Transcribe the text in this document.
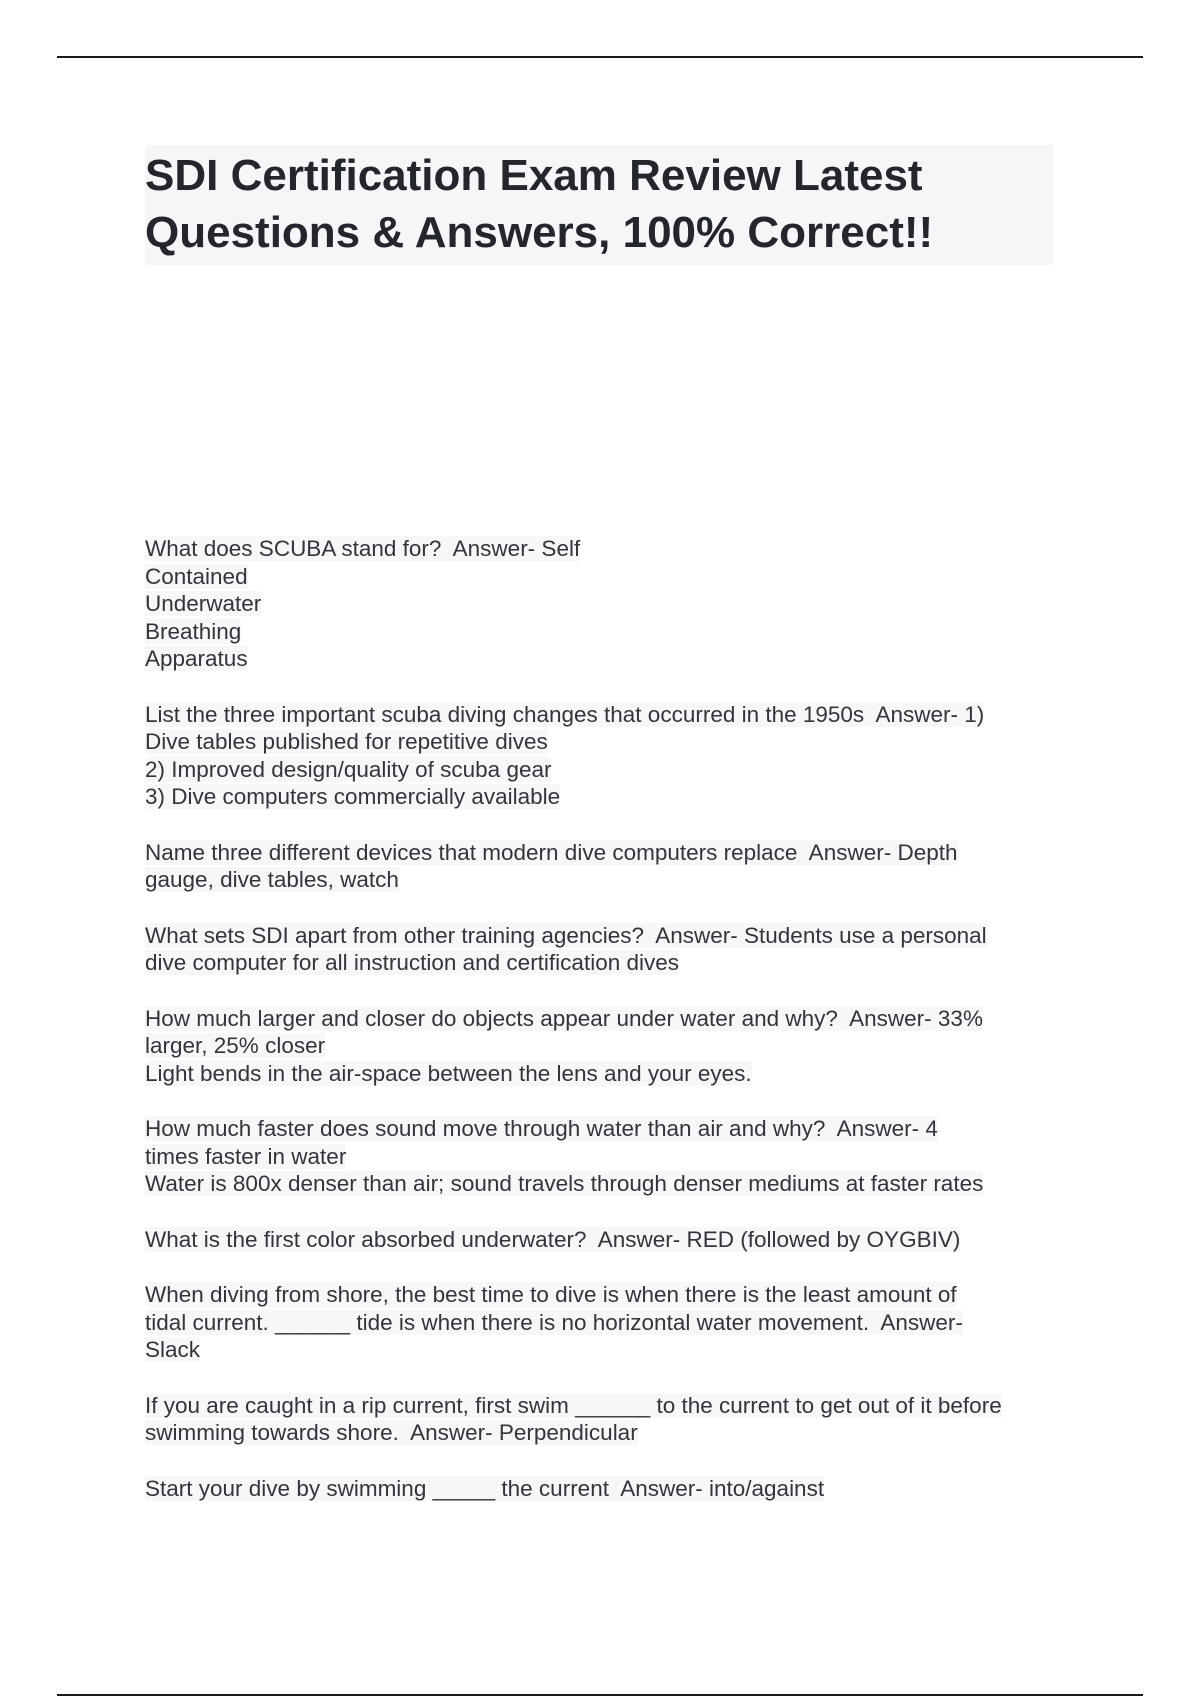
SDI Certification Exam Review Latest
Questions & Answers, 100% Correct!!
What does SCUBA stand for?  Answer- Self
Contained
Underwater
Breathing
Apparatus
List the three important scuba diving changes that occurred in the 1950s  Answer- 1)
Dive tables published for repetitive dives
2) Improved design/quality of scuba gear
3) Dive computers commercially available
Name three different devices that modern dive computers replace  Answer- Depth
gauge, dive tables, watch
What sets SDI apart from other training agencies?  Answer- Students use a personal
dive computer for all instruction and certification dives
How much larger and closer do objects appear under water and why?  Answer- 33%
larger, 25% closer
Light bends in the air-space between the lens and your eyes.
How much faster does sound move through water than air and why?  Answer- 4
times faster in water
Water is 800x denser than air; sound travels through denser mediums at faster rates
What is the first color absorbed underwater?  Answer- RED (followed by OYGBIV)
When diving from shore, the best time to dive is when there is the least amount of
tidal current. ______ tide is when there is no horizontal water movement.  Answer-
Slack
If you are caught in a rip current, first swim ______ to the current to get out of it before
swimming towards shore.  Answer- Perpendicular
Start your dive by swimming _____ the current  Answer- into/against
